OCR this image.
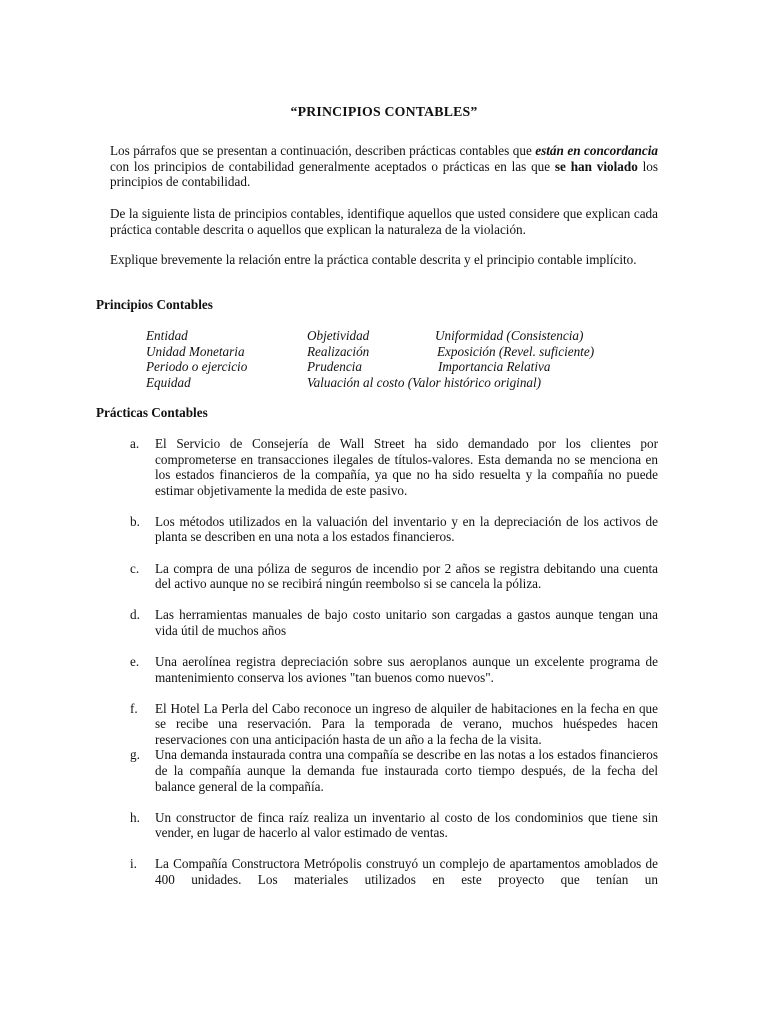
“PRINCIPIOS CONTABLES”
Los párrafos que se presentan a continuación, describen prácticas contables que están en concordancia con los principios de contabilidad generalmente aceptados o prácticas en las que se han violado los principios de contabilidad.
De la siguiente lista de principios contables, identifique aquellos que usted considere que explican cada práctica contable descrita o aquellos que explican la naturaleza de la violación.
Explique brevemente la relación entre la práctica contable descrita y el principio contable implícito.
Principios Contables
Entidad	Objetividad	Uniformidad (Consistencia)
Unidad Monetaria	Realización	Exposición (Revel. suficiente)
Periodo o ejercicio	Prudencia	Importancia Relativa
Equidad	Valuación al costo (Valor histórico original)
Prácticas Contables
a.	El Servicio de Consejería de Wall Street ha sido demandado por los clientes por comprometerse en transacciones ilegales de títulos-valores. Esta demanda no se menciona en los estados financieros de la compañía, ya que no ha sido resuelta y la compañía no puede estimar objetivamente la medida de este pasivo.
b.	Los métodos utilizados en la valuación del inventario y en la depreciación de los activos de planta se describen en una nota a los estados financieros.
c.	La compra de una póliza de seguros de incendio por 2 años se registra debitando una cuenta del activo aunque no se recibirá ningún reembolso si se cancela la póliza.
d.	Las herramientas manuales de bajo costo unitario son cargadas a gastos aunque tengan una vida útil de muchos años
e.	Una aerolínea registra depreciación sobre sus aeroplanos aunque un excelente programa de mantenimiento conserva los aviones "tan buenos como nuevos".
f.	El Hotel La Perla del Cabo reconoce un ingreso de alquiler de habitaciones en la fecha en que se recibe una reservación. Para la temporada de verano, muchos huéspedes hacen reservaciones con una anticipación hasta de un año a la fecha de la visita.
g.	Una demanda instaurada contra una compañía se describe en las notas a los estados financieros de la compañía aunque la demanda fue instaurada corto tiempo después, de la fecha del balance general de la compañía.
h.	Un constructor de finca raíz realiza un inventario al costo de los condominios que tiene sin vender, en lugar de hacerlo al valor estimado de ventas.
i.	La Compañía Constructora Metrópolis construyó un complejo de apartamentos amoblados de 400 unidades. Los materiales utilizados en este proyecto que tenían un
